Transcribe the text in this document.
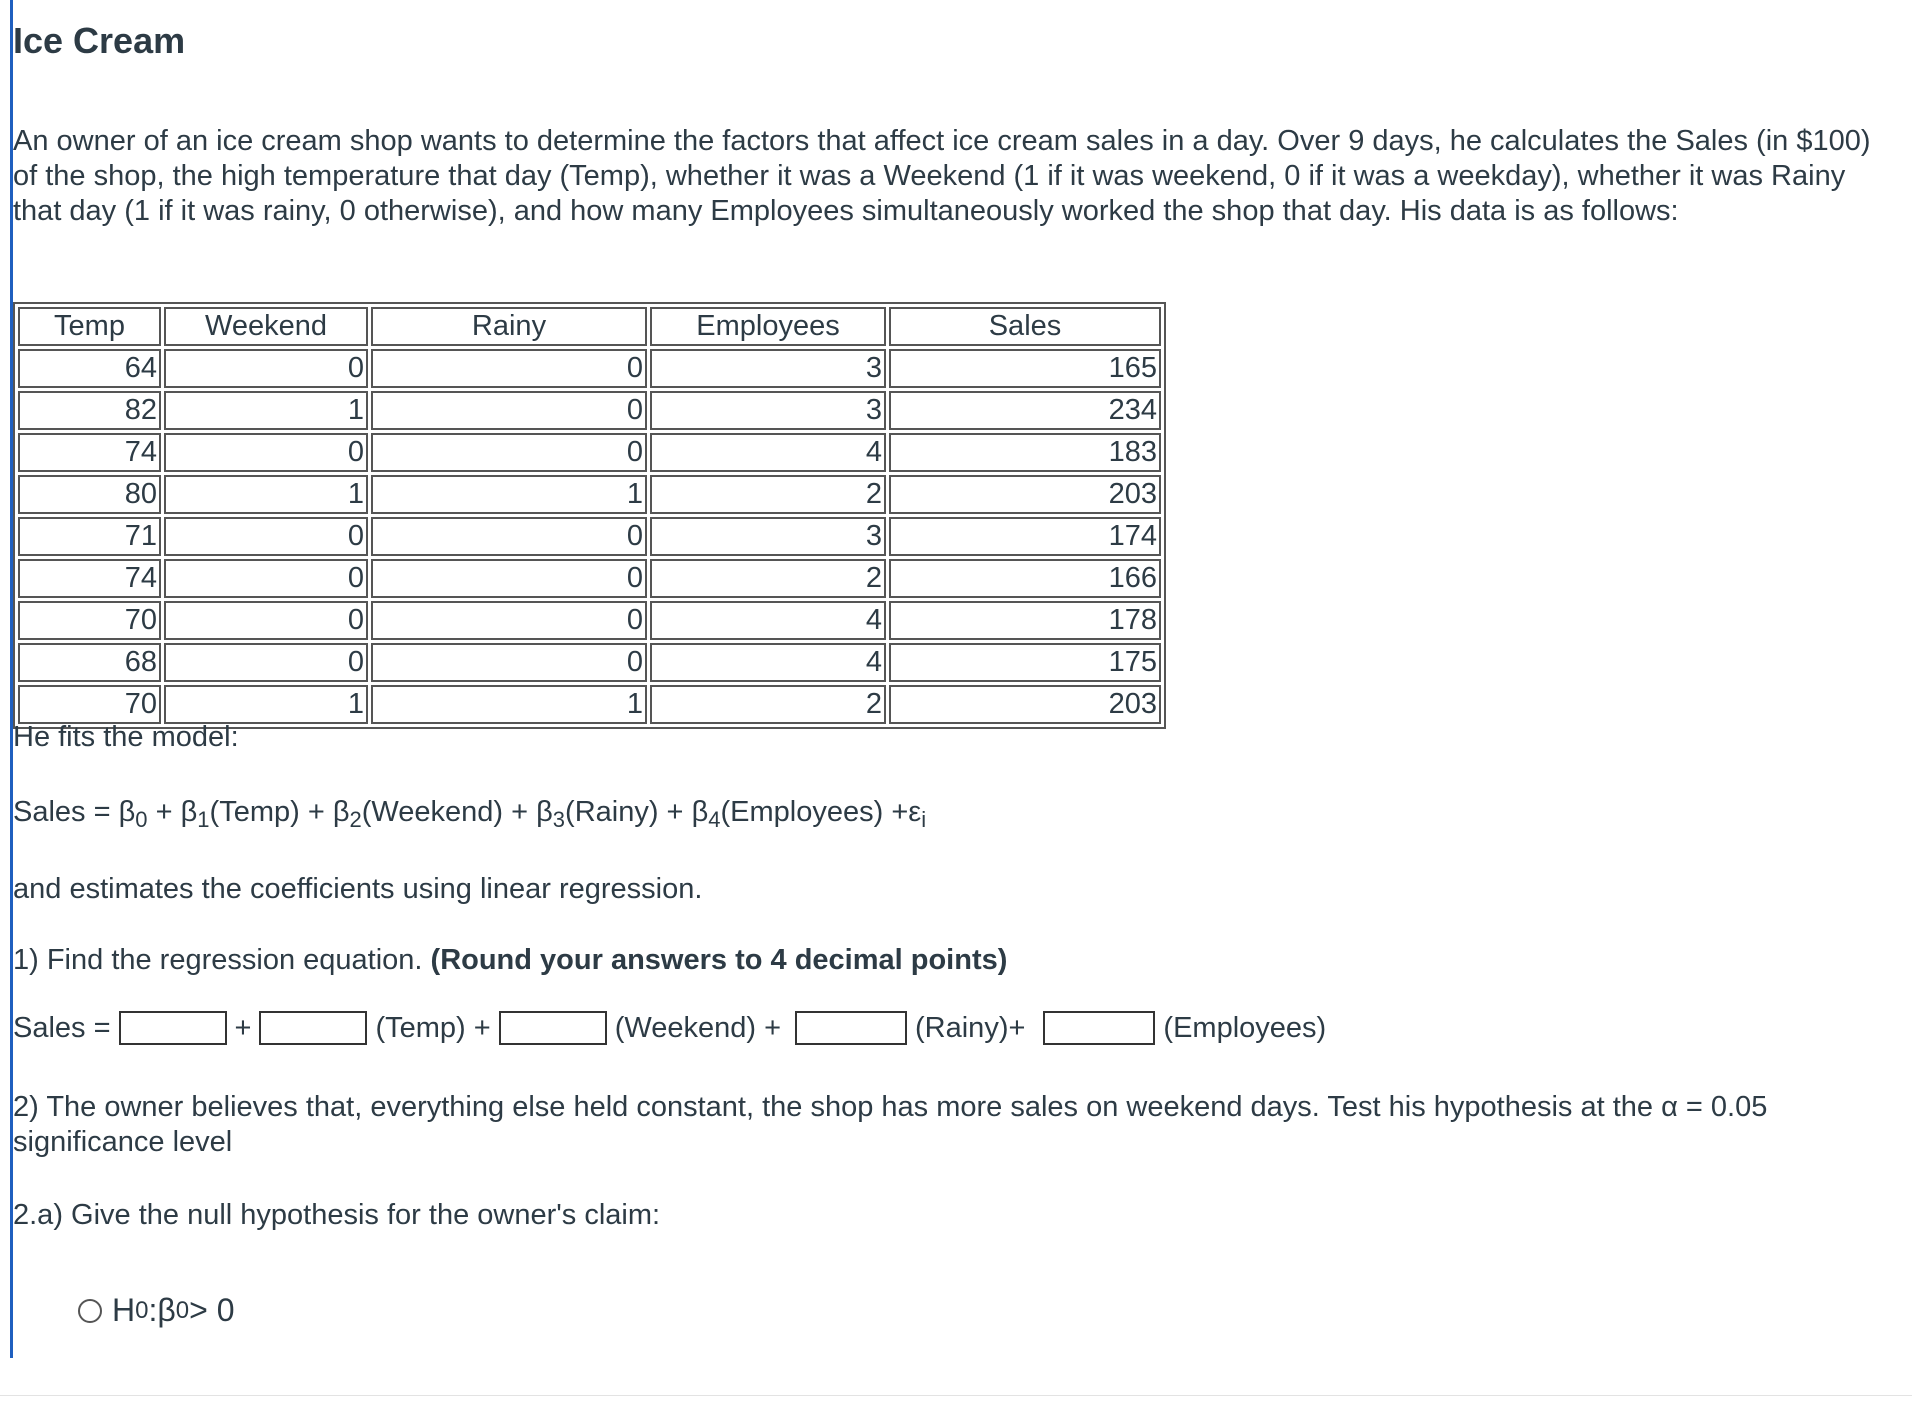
Ice Cream

An owner of an ice cream shop wants to determine the factors that affect ice cream sales in a day. Over 9 days, he calculates the Sales (in $100) of the shop, the high temperature that day (Temp), whether it was a Weekend (1 if it was weekend, 0 if it was a weekday), whether it was Rainy that day (1 if it was rainy, 0 otherwise), and how many Employees simultaneously worked the shop that day. His data is as follows:

Temp	Weekend	Rainy	Employees	Sales
64	0	0	3	165
82	1	0	3	234
74	0	0	4	183
80	1	1	2	203
71	0	0	3	174
74	0	0	2	166
70	0	0	4	178
68	0	0	4	175
70	1	1	2	203

He fits the model:

Sales = $\beta_0$ + $\beta_1(Temp)$ + $\beta_2(Weekend)$ + $\beta_3(Rainy)$ + $\beta_4(Employees) +\varepsilon_i$

and estimates the coefficients using linear regression.

1) Find the regression equation. (Round your answers to 4 decimal points)

Sales =	+	(Temp) +	(Weekend) +	(Rainy)+	(Employees)

2) The owner believes that, everything else held constant, the shop has more sales on weekend days. Test his hypothesis at the α = 0.05 significance level

2.a) Give the null hypothesis for the owner's claim:

H 0 : β 0 > 0
